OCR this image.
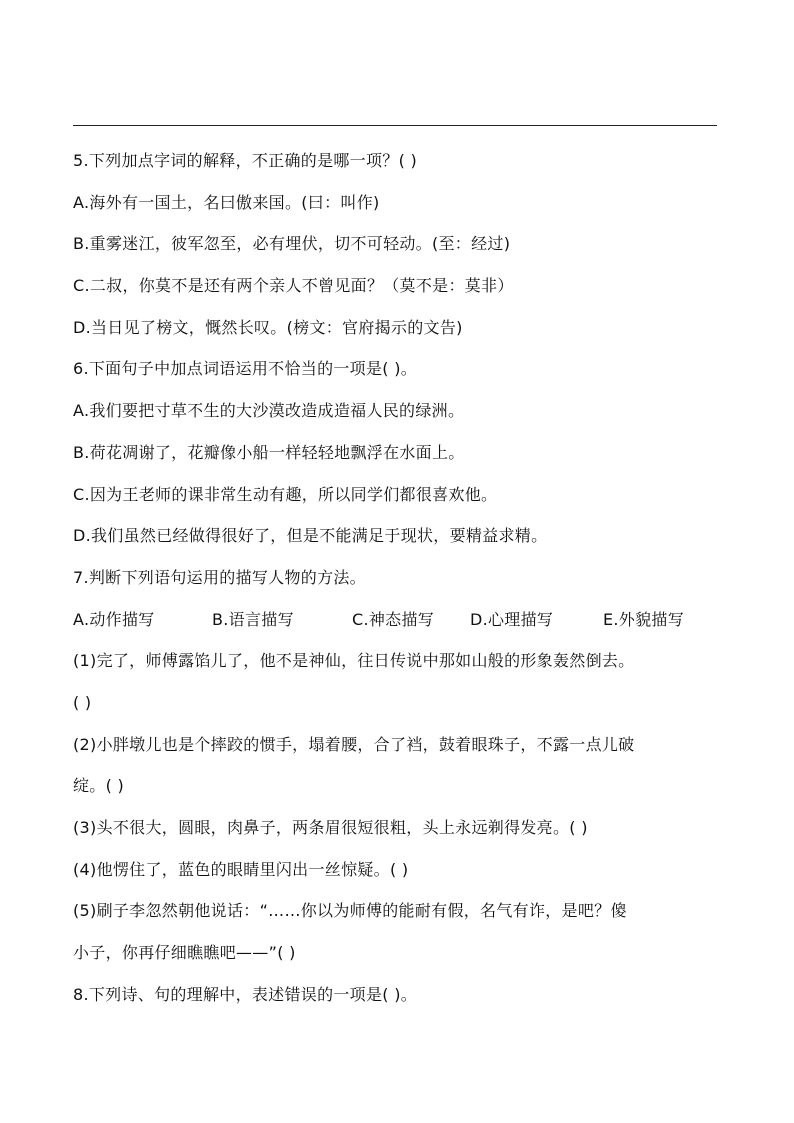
5.下列加点字词的解释，不正确的是哪一项？( )
A.海外有一国土，名曰傲来国。(曰：叫作)
B.重雾迷江，彼军忽至，必有埋伏，切不可轻动。(至：经过)
C.二叔，你莫不是还有两个亲人不曾见面？（莫不是：莫非）
D.当日见了榜文，慨然长叹。(榜文：官府揭示的文告)
6.下面句子中加点词语运用不恰当的一项是( )。
A.我们要把寸草不生的大沙漠改造成造福人民的绿洲。
B.荷花凋谢了，花瓣像小船一样轻轻地飘浮在水面上。
C.因为王老师的课非常生动有趣，所以同学们都很喜欢他。
D.我们虽然已经做得很好了，但是不能满足于现状，要精益求精。
7.判断下列语句运用的描写人物的方法。
A.动作描写	B.语言描写	C.神态描写	D.心理描写	E.外貌描写
(1)完了，师傅露馅儿了，他不是神仙，往日传说中那如山般的形象轰然倒去。
( )
(2)小胖墩儿也是个摔跤的惯手，塌着腰，合了裆，鼓着眼珠子，不露一点儿破
绽。( )
(3)头不很大，圆眼，肉鼻子，两条眉很短很粗，头上永远剃得发亮。( )
(4)他愣住了，蓝色的眼睛里闪出一丝惊疑。( )
(5)刷子李忽然朝他说话：“……你以为师傅的能耐有假，名气有诈，是吧？傻
小子，你再仔细瞧瞧吧——”( )
8.下列诗、句的理解中，表述错误的一项是( )。
